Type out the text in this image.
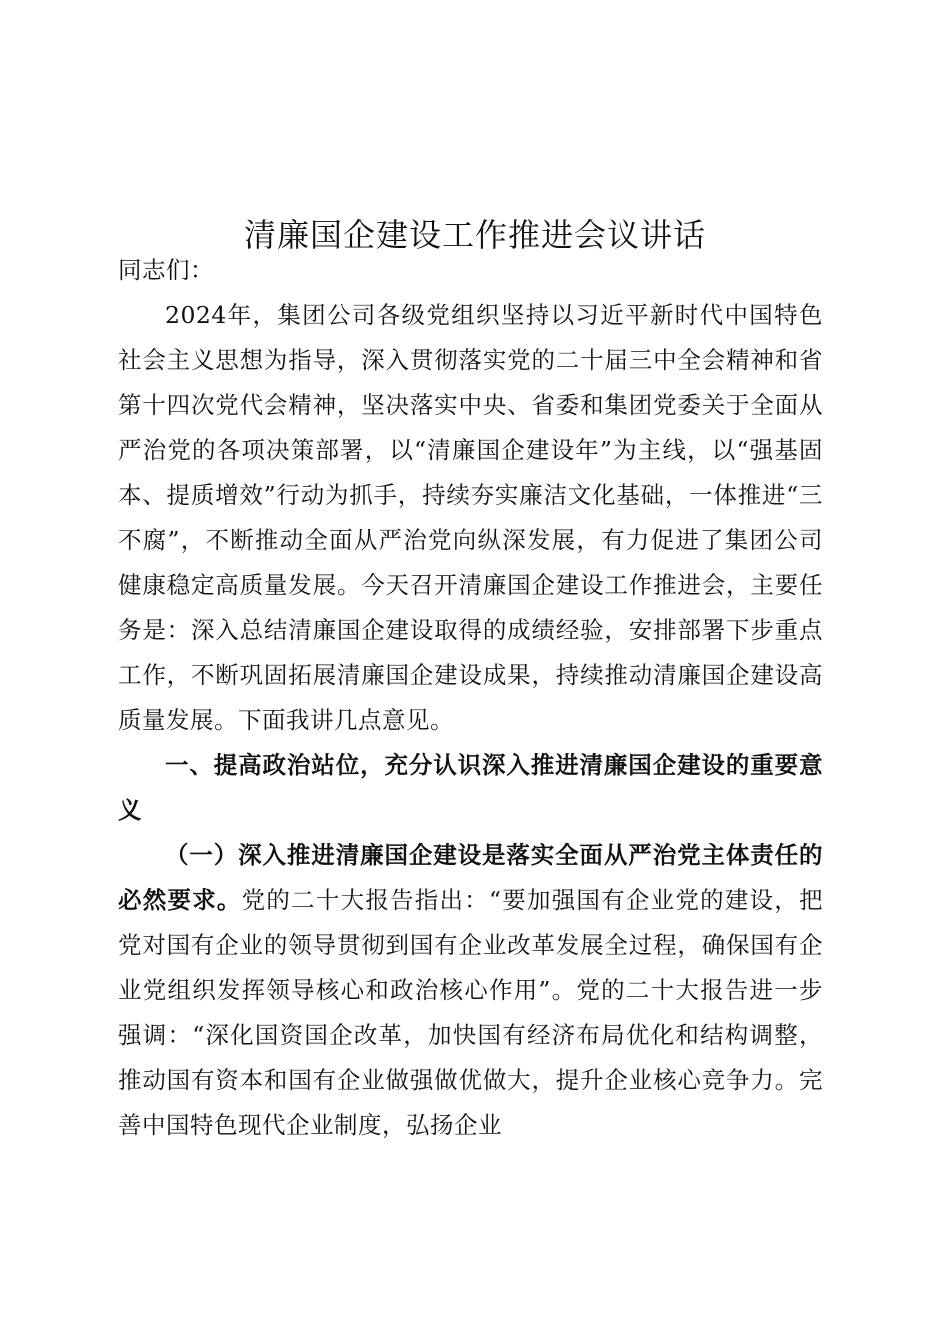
清廉国企建设工作推进会议讲话

同志们：

2024年，集团公司各级党组织坚持以习近平新时代中国特色社会主义思想为指导，深入贯彻落实党的二十届三中全会精神和省第十四次党代会精神，坚决落实中央、省委和集团党委关于全面从严治党的各项决策部署，以“清廉国企建设年”为主线，以“强基固本、提质增效”行动为抓手，持续夯实廉洁文化基础，一体推进“三不腐”，不断推动全面从严治党向纵深发展，有力促进了集团公司健康稳定高质量发展。今天召开清廉国企建设工作推进会，主要任务是：深入总结清廉国企建设取得的成绩经验，安排部署下步重点工作，不断巩固拓展清廉国企建设成果，持续推动清廉国企建设高质量发展。下面我讲几点意见。

一、提高政治站位，充分认识深入推进清廉国企建设的重要意义

（一）深入推进清廉国企建设是落实全面从严治党主体责任的必然要求。党的二十大报告指出：“要加强国有企业党的建设，把党对国有企业的领导贯彻到国有企业改革发展全过程，确保国有企业党组织发挥领导核心和政治核心作用”。党的二十大报告进一步强调：“深化国资国企改革，加快国有经济布局优化和结构调整，推动国有资本和国有企业做强做优做大，提升企业核心竞争力。完善中国特色现代企业制度，弘扬企业
